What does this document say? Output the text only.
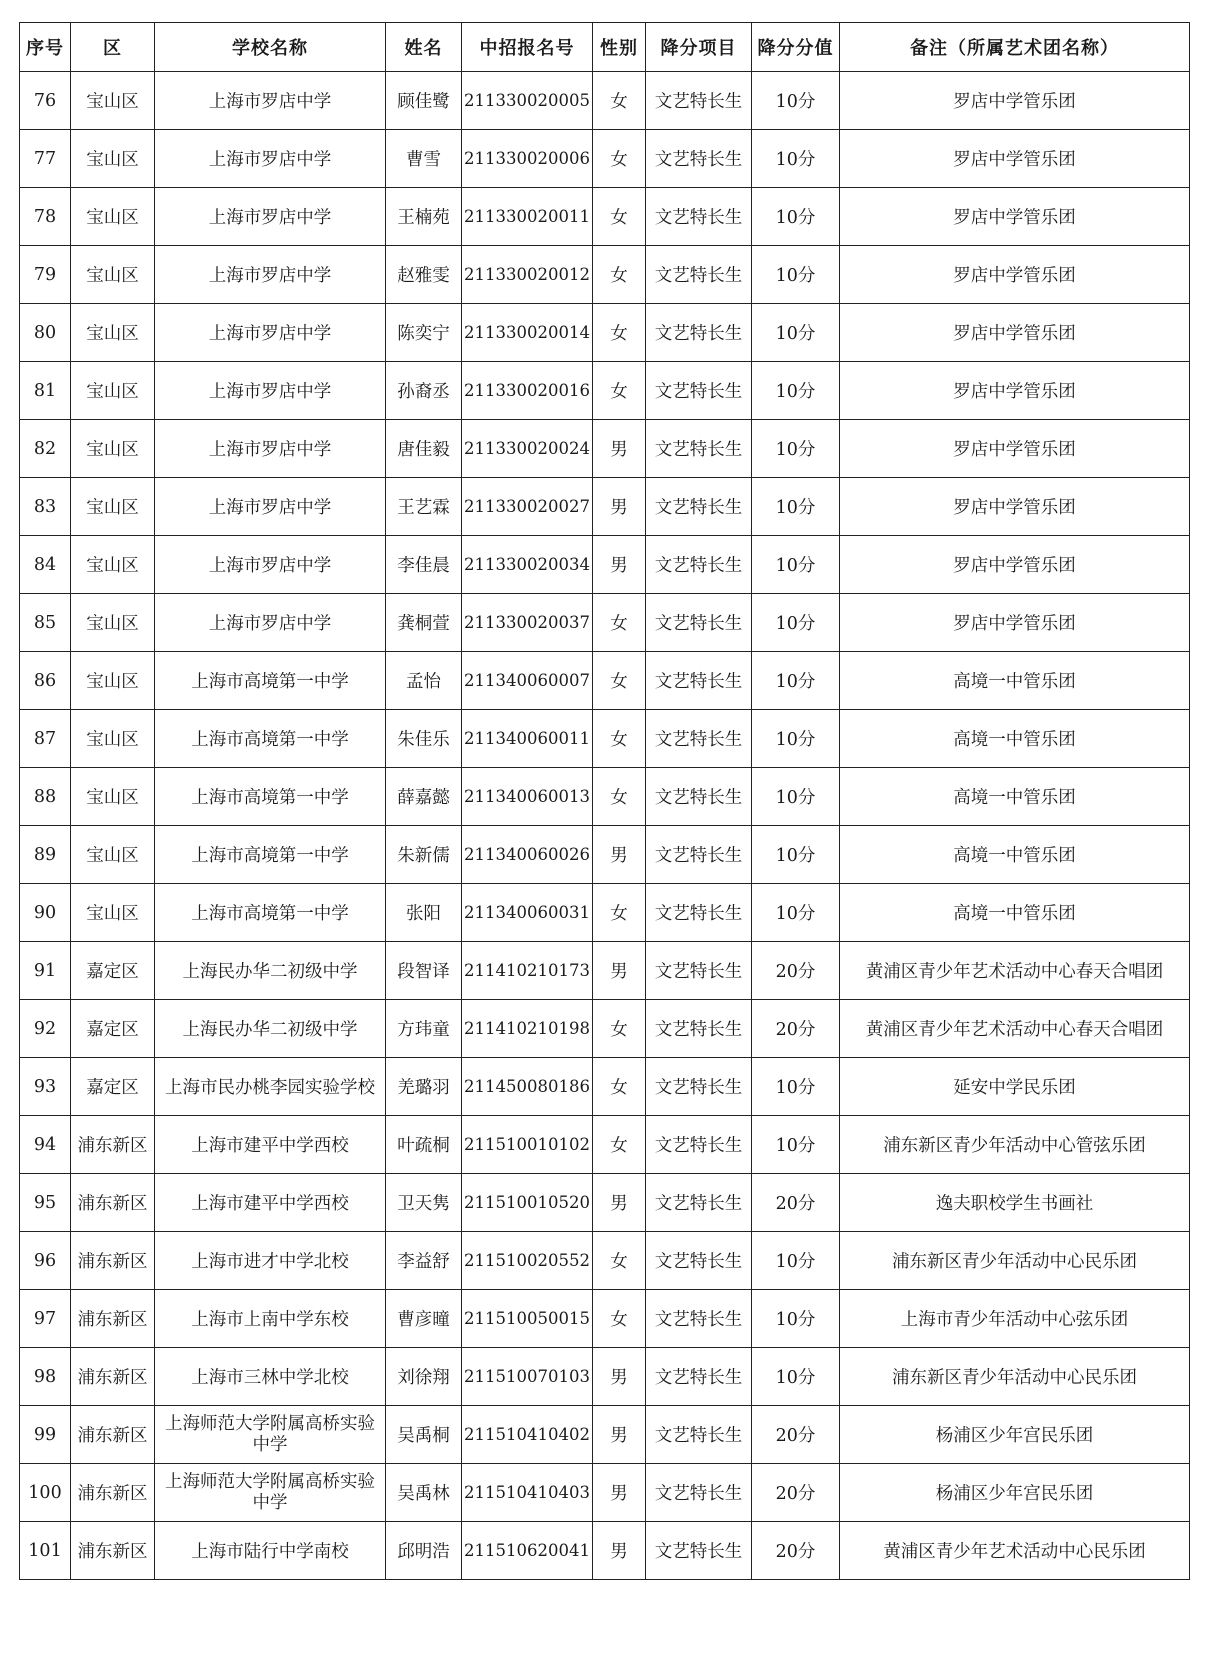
序号	区	学校名称	姓名	中招报名号	性别	降分项目	降分分值	备注（所属艺术团名称）
76	宝山区	上海市罗店中学	顾佳鹭	211330020005	女	文艺特长生	10分	罗店中学管乐团
77	宝山区	上海市罗店中学	曹雪	211330020006	女	文艺特长生	10分	罗店中学管乐团
78	宝山区	上海市罗店中学	王楠苑	211330020011	女	文艺特长生	10分	罗店中学管乐团
79	宝山区	上海市罗店中学	赵雅雯	211330020012	女	文艺特长生	10分	罗店中学管乐团
80	宝山区	上海市罗店中学	陈奕宁	211330020014	女	文艺特长生	10分	罗店中学管乐团
81	宝山区	上海市罗店中学	孙裔丞	211330020016	女	文艺特长生	10分	罗店中学管乐团
82	宝山区	上海市罗店中学	唐佳毅	211330020024	男	文艺特长生	10分	罗店中学管乐团
83	宝山区	上海市罗店中学	王艺霖	211330020027	男	文艺特长生	10分	罗店中学管乐团
84	宝山区	上海市罗店中学	李佳晨	211330020034	男	文艺特长生	10分	罗店中学管乐团
85	宝山区	上海市罗店中学	龚桐萱	211330020037	女	文艺特长生	10分	罗店中学管乐团
86	宝山区	上海市高境第一中学	孟怡	211340060007	女	文艺特长生	10分	高境一中管乐团
87	宝山区	上海市高境第一中学	朱佳乐	211340060011	女	文艺特长生	10分	高境一中管乐团
88	宝山区	上海市高境第一中学	薛嘉懿	211340060013	女	文艺特长生	10分	高境一中管乐团
89	宝山区	上海市高境第一中学	朱新儒	211340060026	男	文艺特长生	10分	高境一中管乐团
90	宝山区	上海市高境第一中学	张阳	211340060031	女	文艺特长生	10分	高境一中管乐团
91	嘉定区	上海民办华二初级中学	段智译	211410210173	男	文艺特长生	20分	黄浦区青少年艺术活动中心春天合唱团
92	嘉定区	上海民办华二初级中学	方玮童	211410210198	女	文艺特长生	20分	黄浦区青少年艺术活动中心春天合唱团
93	嘉定区	上海市民办桃李园实验学校	羌璐羽	211450080186	女	文艺特长生	10分	延安中学民乐团
94	浦东新区	上海市建平中学西校	叶疏桐	211510010102	女	文艺特长生	10分	浦东新区青少年活动中心管弦乐团
95	浦东新区	上海市建平中学西校	卫天隽	211510010520	男	文艺特长生	20分	逸夫职校学生书画社
96	浦东新区	上海市进才中学北校	李益舒	211510020552	女	文艺特长生	10分	浦东新区青少年活动中心民乐团
97	浦东新区	上海市上南中学东校	曹彦曈	211510050015	女	文艺特长生	10分	上海市青少年活动中心弦乐团
98	浦东新区	上海市三林中学北校	刘徐翔	211510070103	男	文艺特长生	10分	浦东新区青少年活动中心民乐团
99	浦东新区	上海师范大学附属高桥实验中学	吴禹桐	211510410402	男	文艺特长生	20分	杨浦区少年宫民乐团
100	浦东新区	上海师范大学附属高桥实验中学	吴禹林	211510410403	男	文艺特长生	20分	杨浦区少年宫民乐团
101	浦东新区	上海市陆行中学南校	邱明浩	211510620041	男	文艺特长生	20分	黄浦区青少年艺术活动中心民乐团
